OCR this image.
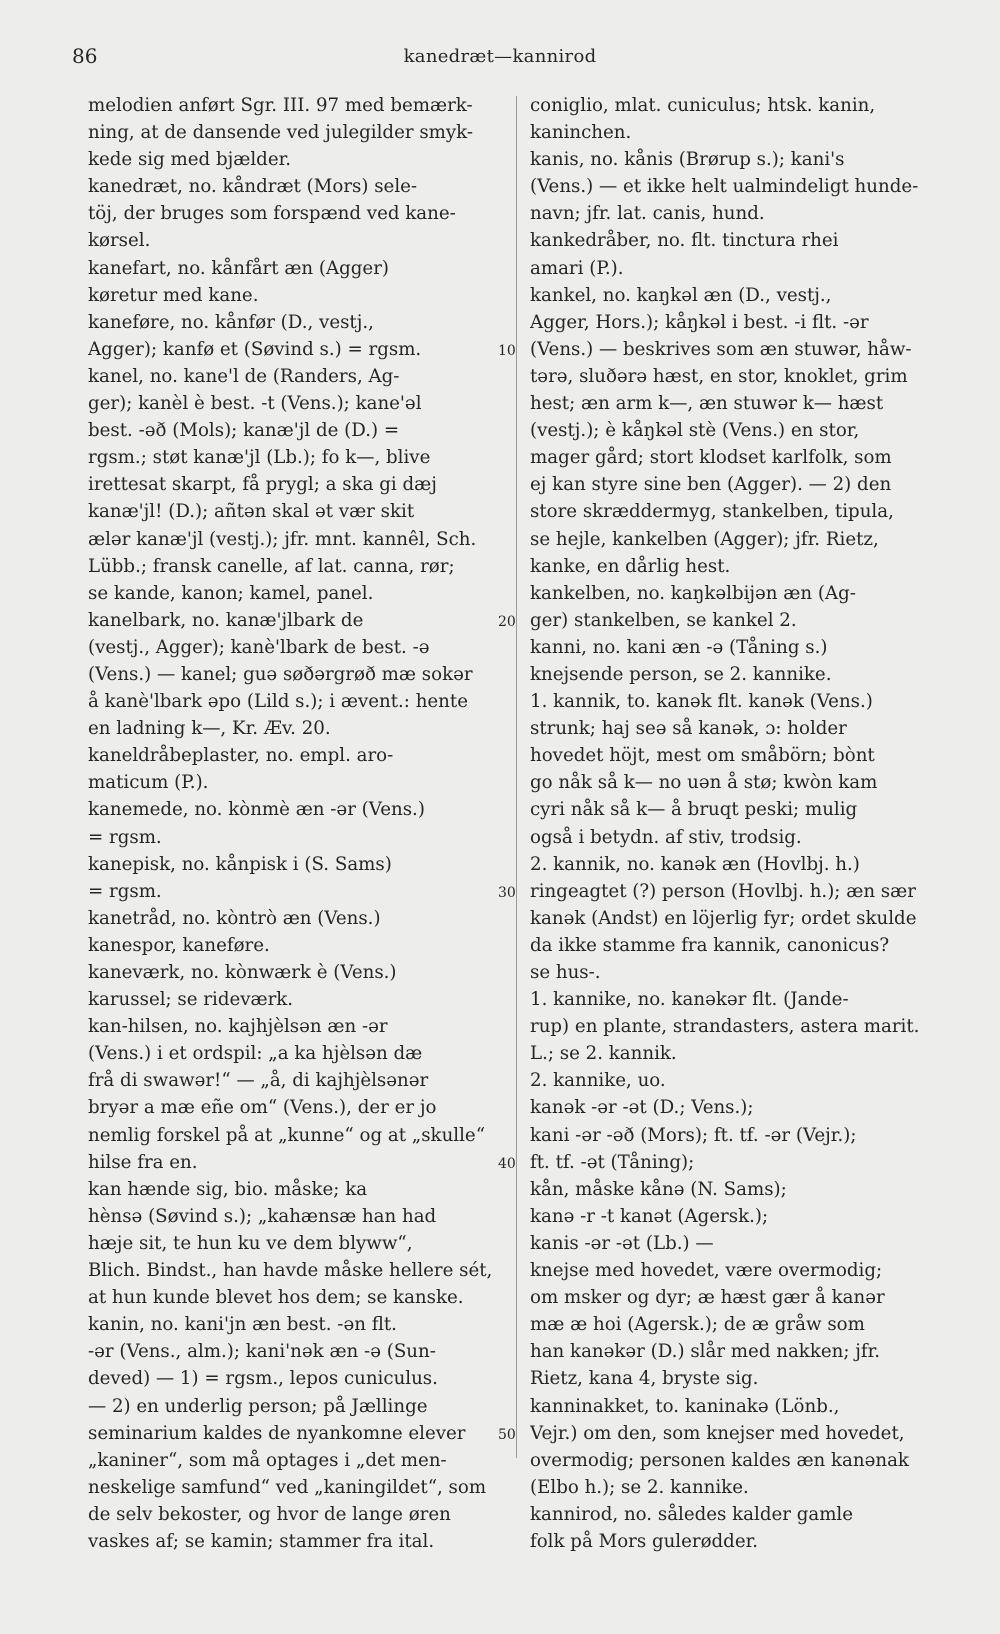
86	kanedræt—kannirod
melodien anført Sgr. III. 97 med bemærk-
ning, at de dansende ved julegilder smyk-
kede sig med bjælder.
kanedræt, no. kåndræt (Mors) sele-
töj, der bruges som forspænd ved kane-
kørsel.
kanefart, no. kånfårt æn (Agger)
køretur med kane.
kaneføre, no. kånfør (D., vestj.,
Agger); kanfø et (Søvind s.) = rgsm.
kanel, no. kane'l de (Randers, Ag-
ger); kanèl è best. -t (Vens.); kane'əl
best. -əð (Mols); kanæ'jl de (D.) =
rgsm.; støt kanæ'jl (Lb.); fo k—, blive
irettesat skarpt, få prygl; a ska gi dæj
kanæ'jl! (D.); añtən skal ət vær skit
ælər kanæ'jl (vestj.); jfr. mnt. kannêl, Sch.
Lübb.; fransk canelle, af lat. canna, rør;
se kande, kanon; kamel, panel.
kanelbark, no. kanæ'jlbark de
(vestj., Agger); kanè'lbark de best. -ə
(Vens.) — kanel; guə søðərgrøð mæ sokər
å kanè'lbark əpo (Lild s.); i ævent.: hente
en ladning k—, Kr. Æv. 20.
kaneldråbeplaster, no. empl. aro-
maticum (P.).
kanemede, no. kònmè æn -ər (Vens.)
= rgsm.
kanepisk, no. kånpisk i (S. Sams)
= rgsm.
kanetråd, no. kòntrò æn (Vens.)
kanespor, kaneføre.
kaneværk, no. kònwærk è (Vens.)
karussel; se rideværk.
kan-hilsen, no. kajhjèlsən æn -ər
(Vens.) i et ordspil: „a ka hjèlsən dæ
frå di swawər!“ — „å, di kajhjèlsənər
bryər a mæ eñe om“ (Vens.), der er jo
nemlig forskel på at „kunne“ og at „skulle“
hilse fra en.
kan hænde sig, bio. måske; ka
hènsə (Søvind s.); „kahænsæ han had
hæje sit, te hun ku ve dem blyww“,
Blich. Bindst., han havde måske hellere sét,
at hun kunde blevet hos dem; se kanske.
kanin, no. kani'jn æn best. -ən flt.
-ər (Vens., alm.); kani'nək æn -ə (Sun-
deved) — 1) = rgsm., lepos cuniculus.
— 2) en underlig person; på Jællinge
seminarium kaldes de nyankomne elever
„kaniner“, som må optages i „det men-
neskelige samfund“ ved „kaningildet“, som
de selv bekoster, og hvor de lange øren
vaskes af; se kamin; stammer fra ital.
10
20
30
40
50
coniglio, mlat. cuniculus; htsk. kanin,
kaninchen.
kanis, no. kånis (Brørup s.); kani's
(Vens.) — et ikke helt ualmindeligt hunde-
navn; jfr. lat. canis, hund.
kankedråber, no. flt. tinctura rhei
amari (P.).
kankel, no. kaŋkəl æn (D., vestj.,
Agger, Hors.); kåŋkəl i best. -i flt. -ər
(Vens.) — beskrives som æn stuwər, håw-
tərə, sluðərə hæst, en stor, knoklet, grim
hest; æn arm k—, æn stuwər k— hæst
(vestj.); è kåŋkəl stè (Vens.) en stor,
mager gård; stort klodset karlfolk, som
ej kan styre sine ben (Agger). — 2) den
store skræddermyg, stankelben, tipula,
se hejle, kankelben (Agger); jfr. Rietz,
kanke, en dårlig hest.
kankelben, no. kaŋkəlbijən æn (Ag-
ger) stankelben, se kankel 2.
kanni, no. kani æn -ə (Tåning s.)
knejsende person, se 2. kannike.
1. kannik, to. kanək flt. kanək (Vens.)
strunk; haj seə så kanək, ɔ: holder
hovedet höjt, mest om småbörn; bònt
go nåk så k— no uən å stø; kwòn kam
cyri nåk så k— å bruqt peski; mulig
også i betydn. af stiv, trodsig.
2. kannik, no. kanək æn (Hovlbj. h.)
ringeagtet (?) person (Hovlbj. h.); æn sær
kanək (Andst) en löjerlig fyr; ordet skulde
da ikke stamme fra kannik, canonicus?
se hus-.
1. kannike, no. kanəkər flt. (Jande-
rup) en plante, strandasters, astera marit.
L.; se 2. kannik.
2. kannike, uo.
kanək -ər -ət (D.; Vens.);
kani -ər -əð (Mors); ft. tf. -ər (Vejr.);
ft. tf. -ət (Tåning);
kån, måske kånə (N. Sams);
kanə -r -t kanət (Agersk.);
kanis -ər -ət (Lb.) —
knejse med hovedet, være overmodig;
om msker og dyr; æ hæst gær å kanər
mæ æ hoi (Agersk.); de æ gråw som
han kanəkər (D.) slår med nakken; jfr.
Rietz, kana 4, bryste sig.
kanninakket, to. kaninakə (Lönb.,
Vejr.) om den, som knejser med hovedet,
overmodig; personen kaldes æn kanənak
(Elbo h.); se 2. kannike.
kannirod, no. således kalder gamle
folk på Mors gulerødder.
